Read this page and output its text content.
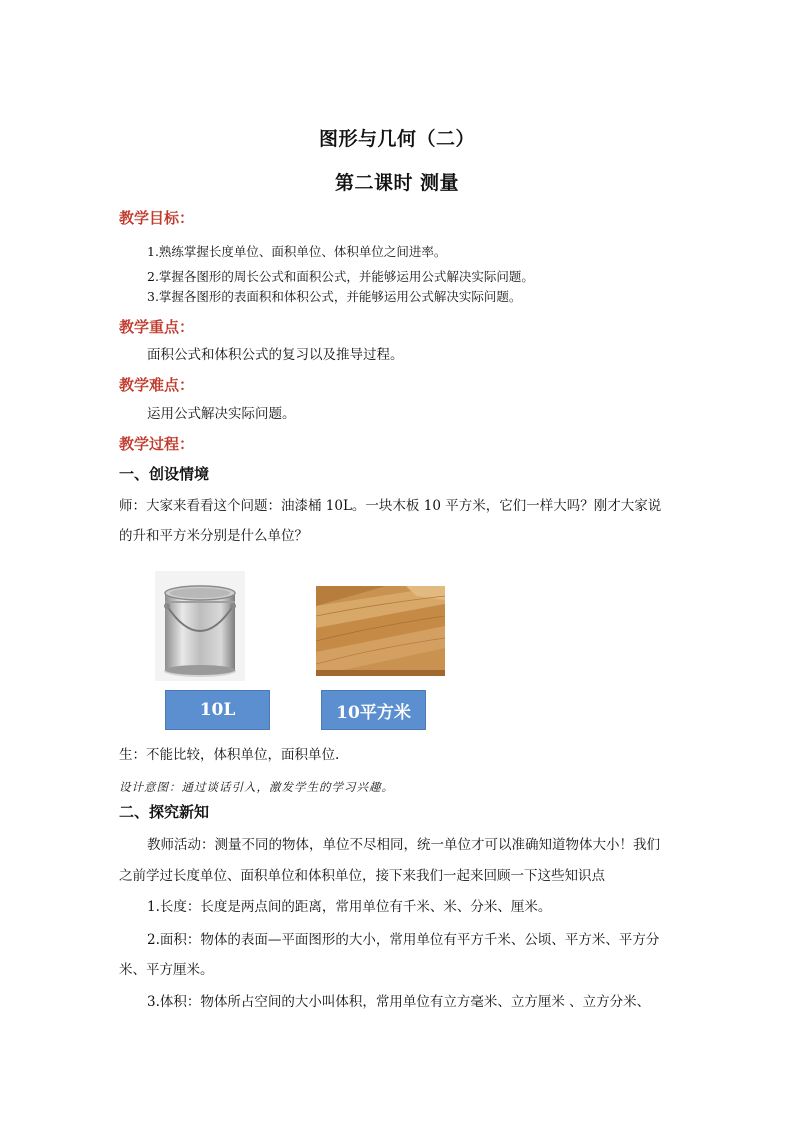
图形与几何（二）
第二课时 测量
教学目标：
1.熟练掌握长度单位、面积单位、体积单位之间进率。
2.掌握各图形的周长公式和面积公式，并能够运用公式解决实际问题。
3.掌握各图形的表面积和体积公式，并能够运用公式解决实际问题。
教学重点：
面积公式和体积公式的复习以及推导过程。
教学难点：
运用公式解决实际问题。
教学过程：
一、创设情境
师：大家来看看这个问题：油漆桶 10L。一块木板 10 平方米，它们一样大吗？刚才大家说
的升和平方米分别是什么单位？
10L	10平方米
生：不能比较，体积单位，面积单位.
设计意图：通过谈话引入，激发学生的学习兴趣。
二、探究新知
教师活动：测量不同的物体，单位不尽相同，统一单位才可以准确知道物体大小！我们
之前学过长度单位、面积单位和体积单位，接下来我们一起来回顾一下这些知识点
1.长度：长度是两点间的距离，常用单位有千米、米、分米、厘米。
2.面积：物体的表面—平面图形的大小，常用单位有平方千米、公顷、平方米、平方分
米、平方厘米。
3.体积：物体所占空间的大小叫体积，常用单位有立方毫米、立方厘米 、立方分米、
